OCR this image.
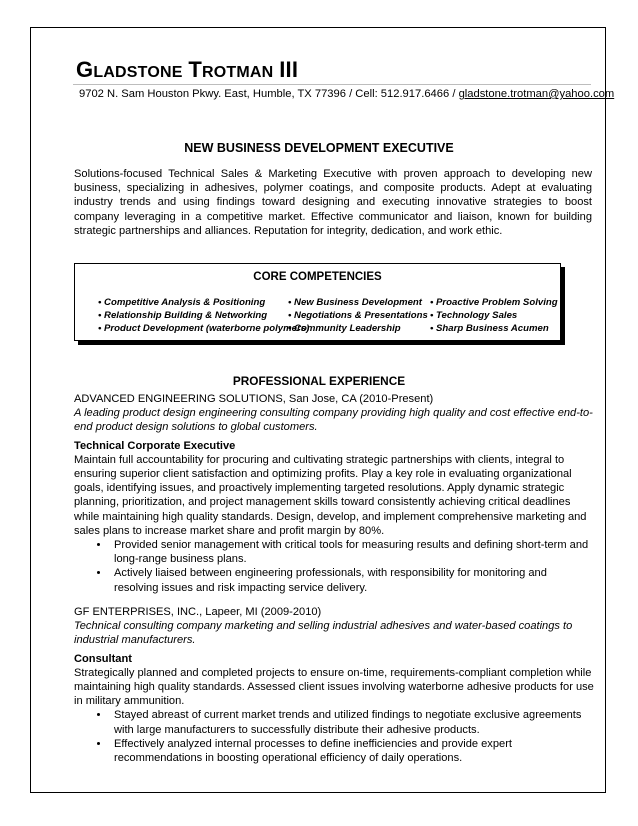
GLADSTONE TROTMAN III
9702 N. Sam Houston Pkwy. East, Humble, TX 77396 / Cell: 512.917.6466 / gladstone.trotman@yahoo.com
NEW BUSINESS DEVELOPMENT EXECUTIVE
Solutions-focused Technical Sales & Marketing Executive with proven approach to developing new business, specializing in adhesives, polymer coatings, and composite products. Adept at evaluating industry trends and using findings toward designing and executing innovative strategies to boost company leveraging in a competitive market. Effective communicator and liaison, known for building strategic partnerships and alliances. Reputation for integrity, dedication, and work ethic.
CORE COMPETENCIES
• Competitive Analysis & Positioning
• Relationship Building & Networking
• Product Development (waterborne polymers)
• New Business Development
• Negotiations & Presentations
• Community Leadership
• Proactive Problem Solving
• Technology Sales
• Sharp Business Acumen
PROFESSIONAL EXPERIENCE

ADVANCED ENGINEERING SOLUTIONS, San Jose, CA (2010-Present)

A leading product design engineering consulting company providing high quality and cost effective end-to-end product design solutions to global customers.

Technical Corporate Executive

Maintain full accountability for procuring and cultivating strategic partnerships with clients, integral to ensuring superior client satisfaction and optimizing profits. Play a key role in evaluating organizational goals, identifying issues, and proactively implementing targeted resolutions. Apply dynamic strategic planning, prioritization, and project management skills toward consistently achieving critical deadlines while maintaining high quality standards. Design, develop, and implement comprehensive marketing and sales plans to increase market share and profit margin by 80%.

• Provided senior management with critical tools for measuring results and defining short-term and long-range business plans.
• Actively liaised between engineering professionals, with responsibility for monitoring and resolving issues and risk impacting service delivery.

GF ENTERPRISES, INC., Lapeer, MI (2009-2010)

Technical consulting company marketing and selling industrial adhesives and water-based coatings to industrial manufacturers.

Consultant

Strategically planned and completed projects to ensure on-time, requirements-compliant completion while maintaining high quality standards. Assessed client issues involving waterborne adhesive products for use in military ammunition.

• Stayed abreast of current market trends and utilized findings to negotiate exclusive agreements with large manufacturers to successfully distribute their adhesive products.
• Effectively analyzed internal processes to define inefficiencies and provide expert recommendations in boosting operational efficiency of daily operations.
